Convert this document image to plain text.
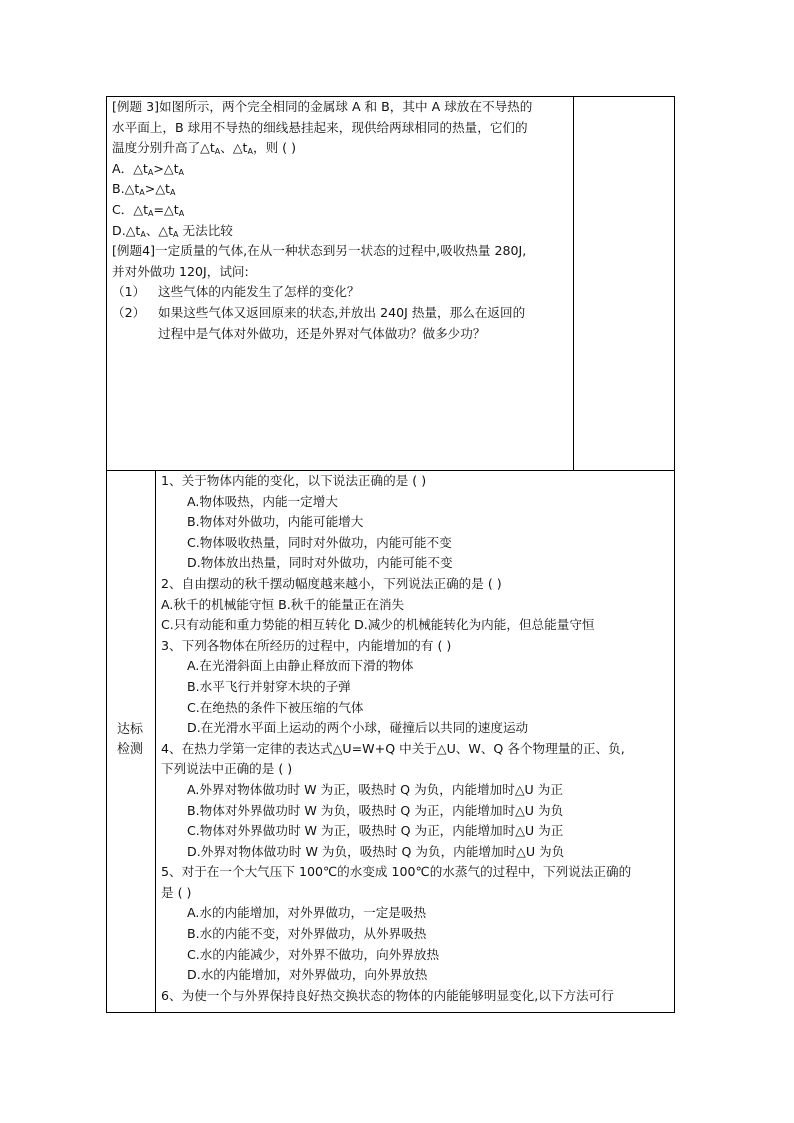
[例题 3]如图所示，两个完全相同的金属球 A 和 B，其中 A 球放在不导热的
水平面上，B 球用不导热的细线悬挂起来，现供给两球相同的热量，它们的
温度分别升高了$\triangle t_A$、$\triangle t_A$，则 ( )
A．$\triangle t_A>\triangle t_A$
$B.\triangle t_A>\triangle t_A$
C．$\triangle t_A=\triangle t_A$
$D.\triangle t_A$、$\triangle t_A$ 无法比较
[例题4]一定质量的气体,在从一种状态到另一状态的过程中,吸收热量 280J,
并对外做功 120J，试问:
（1） 这些气体的内能发生了怎样的变化？
（2） 如果这些气体又返回原来的状态,并放出 240J 热量，那么在返回的
过程中是气体对外做功，还是外界对气体做功？做多少功？
达标
检测
1、关于物体内能的变化，以下说法正确的是 ( )
A.物体吸热，内能一定增大
B.物体对外做功，内能可能增大
C.物体吸收热量，同时对外做功，内能可能不变
D.物体放出热量，同时对外做功，内能可能不变
2、自由摆动的秋千摆动幅度越来越小，下列说法正确的是 ( )
A.秋千的机械能守恒 B.秋千的能量正在消失
C.只有动能和重力势能的相互转化 D.减少的机械能转化为内能，但总能量守恒
3、下列各物体在所经历的过程中，内能增加的有 ( )
A.在光滑斜面上由静止释放而下滑的物体
B.水平飞行并射穿木块的子弹
C.在绝热的条件下被压缩的气体
D.在光滑水平面上运动的两个小球，碰撞后以共同的速度运动
4、在热力学第一定律的表达式△U=W+Q 中关于△U、W、Q 各个物理量的正、负,
下列说法中正确的是 ( )
A.外界对物体做功时 W 为正，吸热时 Q 为负，内能增加时△U 为正
B.物体对外界做功时 W 为负，吸热时 Q 为正，内能增加时△U 为负
C.物体对外界做功时 W 为正，吸热时 Q 为正，内能增加时△U 为正
D.外界对物体做功时 W 为负，吸热时 Q 为负，内能增加时△U 为负
5、对于在一个大气压下 100℃的水变成 100℃的水蒸气的过程中，下列说法正确的
是 ( )
A.水的内能增加，对外界做功，一定是吸热
B.水的内能不变，对外界做功，从外界吸热
C.水的内能减少，对外界不做功，向外界放热
D.水的内能增加，对外界做功，向外界放热
6、为使一个与外界保持良好热交换状态的物体的内能能够明显变化,以下方法可行
